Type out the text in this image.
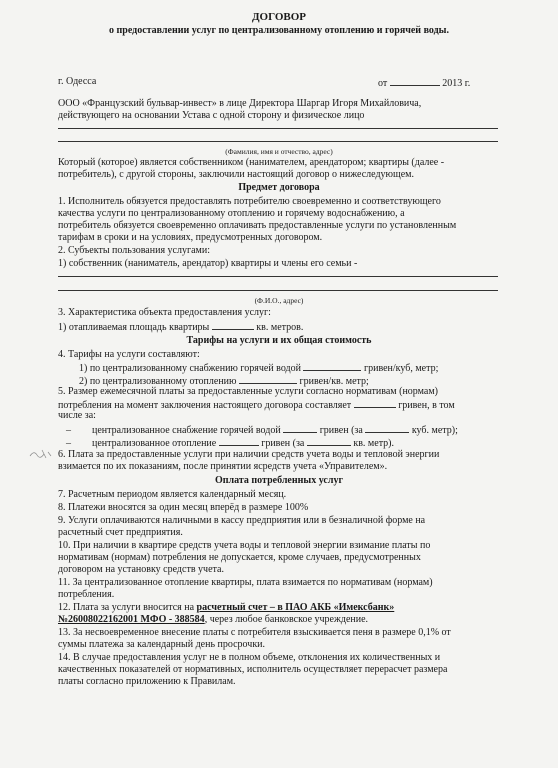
ДОГОВОР
о предоставлении услуг по централизованному отоплению и горячей воды.
г. Одесса	от	2013 г.
ООО «Французский бульвар-инвест» в лице Директора Шаргар Игоря Михайловича,
действующего на основании Устава с одной сторону и физическое лицо
(Фамилия, имя и отчество, адрес)
Который (которое) является собственником (нанимателем, арендатором; квартиры (далее -
потребитель), с другой стороны, заключили настоящий договор о нижеследующем.
Предмет договора
1. Исполнитель обязуется предоставлять потребителю своевременно и соответствующего
качества услуги по централизованному отоплению и горячему водоснабжению, а
потребитель обязуется своевременно оплачивать предоставленные услуги по установленным
тарифам в сроки и на условиях, предусмотренных договором.
2. Субъекты пользования услугами:
1) собственник (наниматель, арендатор) квартиры и члены его семьи -
(Ф.И.О., адрес)
3. Характеристика объекта предоставления услуг:
1) отапливаемая площадь квартиры	кв. метров.
Тарифы на услуги и их общая стоимость
4. Тарифы на услуги составляют:
1) по централизованному снабжению горячей водой	гривен/куб, метр;
2) по централизованному отоплению	гривен/кв. метр;
5. Размер ежемесячной платы за предоставленные услуги согласно нормативам (нормам)
потребления на момент заключения настоящего договора составляет	гривен, в том
числе за:
– централизованное снабжение горячей водой	гривен (за	куб. метр);
– централизованное отопление	гривен (за	кв. метр).
6. Плата за предоставленные услуги при наличии средств учета воды и тепловой энергии
взимается по их показаниям, после принятии ясредств учета «Управителем».
Оплата потребленных услуг
7. Расчетным периодом является календарный месяц.
8. Платежи вносятся за один месяц вперёд в размере 100%
9. Услуги оплачиваются наличными в кассу предприятия или в безналичной форме на
расчетный счет предприятия.
10. При наличии в квартире средств учета воды и тепловой энергии взимание платы по
нормативам (нормам) потребления не допускается, кроме случаев, предусмотренных
договором на установку средств учета.
11. За централизованное отопление квартиры, плата взимается по нормативам (нормам)
потребления.
12. Плата за услуги вносится на расчетный счет – в ПАО АКБ «Имексбанк»
№26008022162001 МФО - 388584, через любое банковское учреждение.
13. За несвоевременное внесение платы с потребителя взыскивается пеня в размере 0,1% от
суммы платежа за календарный день просрочки.
14. В случае предоставления услуг не в полном объеме, отклонения их количественных и
качественных показателей от нормативных, исполнитель осуществляет перерасчет размера
платы согласно приложению к Правилам.
